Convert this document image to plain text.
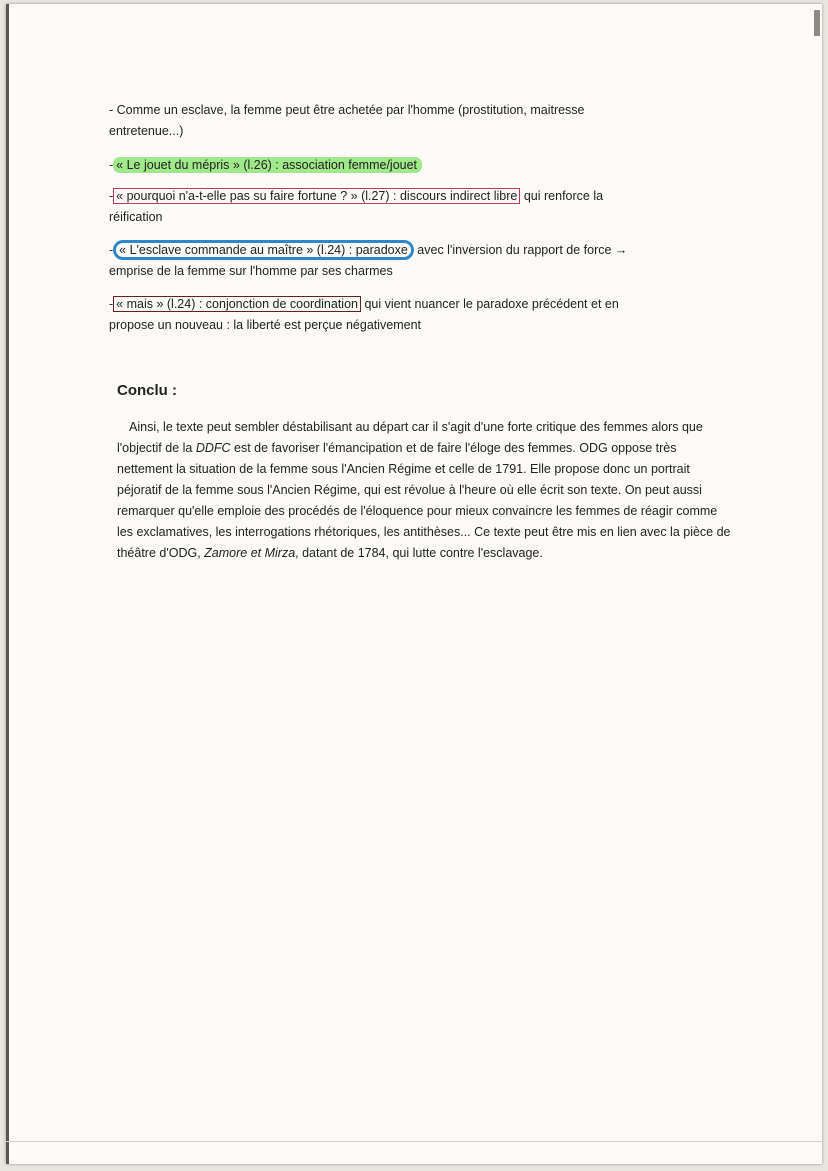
- Comme un esclave, la femme peut être achetée par l'homme (prostitution, maitresse
entretenue...)

- « Le jouet du mépris » (l.26) : association femme/jouet

- « pourquoi n'a-t-elle pas su faire fortune ? » (l.27) : discours indirect libre qui renforce la
réification

- « L'esclave commande au maître » (l.24) : paradoxe avec l'inversion du rapport de force →
emprise de la femme sur l'homme par ses charmes

- « mais » (l.24) : conjonction de coordination qui vient nuancer le paradoxe précédent et en
propose un nouveau : la liberté est perçue négativement

Conclu :

Ainsi, le texte peut sembler déstabilisant au départ car il s'agit d'une forte critique des femmes alors que l'objectif de la DDFC est de favoriser l'émancipation et de faire l'éloge des femmes. ODG oppose très nettement la situation de la femme sous l'Ancien Régime et celle de 1791. Elle propose donc un portrait péjoratif de la femme sous l'Ancien Régime, qui est révolue à l'heure où elle écrit son texte. On peut aussi remarquer qu'elle emploie des procédés de l'éloquence pour mieux convaincre les femmes de réagir comme les exclamatives, les interrogations rhétoriques, les antithèses... Ce texte peut être mis en lien avec la pièce de théâtre d'ODG, Zamore et Mirza, datant de 1784, qui lutte contre l'esclavage.
